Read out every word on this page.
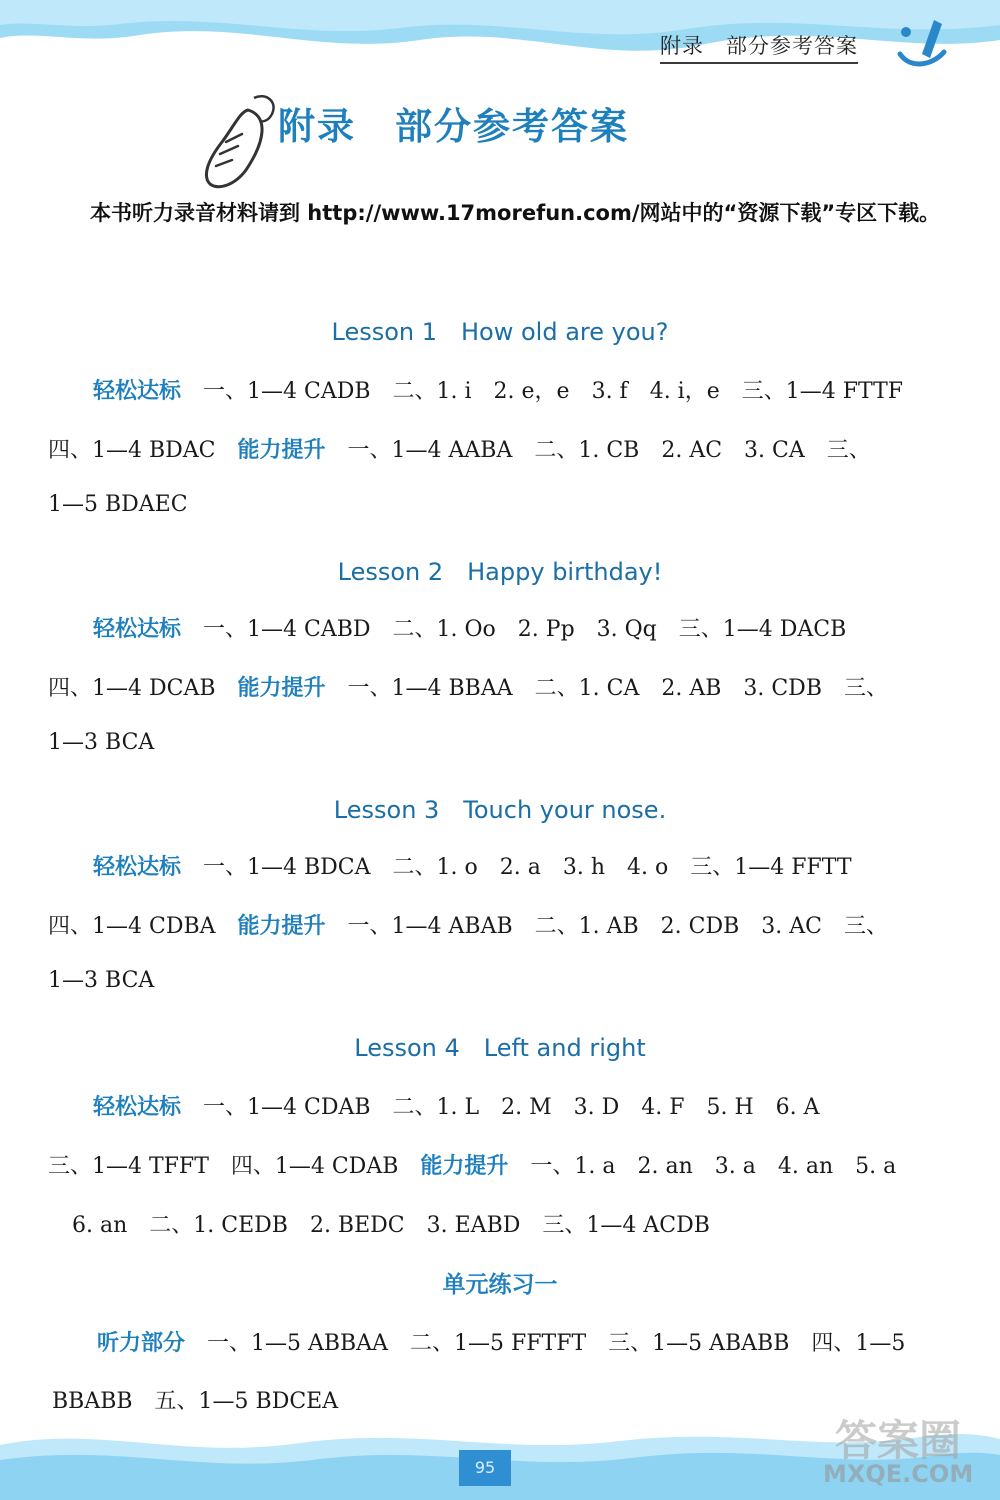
附录　部分参考答案
附录　部分参考答案
本书听力录音材料请到 http://www.17morefun.com/网站中的“资源下载”专区下载。
Lesson 1　How old are you?
轻松达标　一、1—4 CADB　二、1. i　2. e，e　3. f　4. i，e　三、1—4 FTTF
四、1—4 BDAC　能力提升　一、1—4 AABA　二、1. CB　2. AC　3. CA　三、
1—5 BDAEC
Lesson 2　Happy birthday!
轻松达标　一、1—4 CABD　二、1. Oo　2. Pp　3. Qq　三、1—4 DACB
四、1—4 DCAB　能力提升　一、1—4 BBAA　二、1. CA　2. AB　3. CDB　三、
1—3 BCA
Lesson 3　Touch your nose.
轻松达标　一、1—4 BDCA　二、1. o　2. a　3. h　4. o　三、1—4 FFTT
四、1—4 CDBA　能力提升　一、1—4 ABAB　二、1. AB　2. CDB　3. AC　三、
1—3 BCA
Lesson 4　Left and right
轻松达标　一、1—4 CDAB　二、1. L　2. M　3. D　4. F　5. H　6. A
三、1—4 TFFT　四、1—4 CDAB　能力提升　一、1. a　2. an　3. a　4. an　5. a
6. an　二、1. CEDB　2. BEDC　3. EABD　三、1—4 ACDB
单元练习一
听力部分　一、1—5 ABBAA　二、1—5 FFTFT　三、1—5 ABABB　四、1—5
BBABB　五、1—5 BDCEA
95
答案圈
MXQE.COM
